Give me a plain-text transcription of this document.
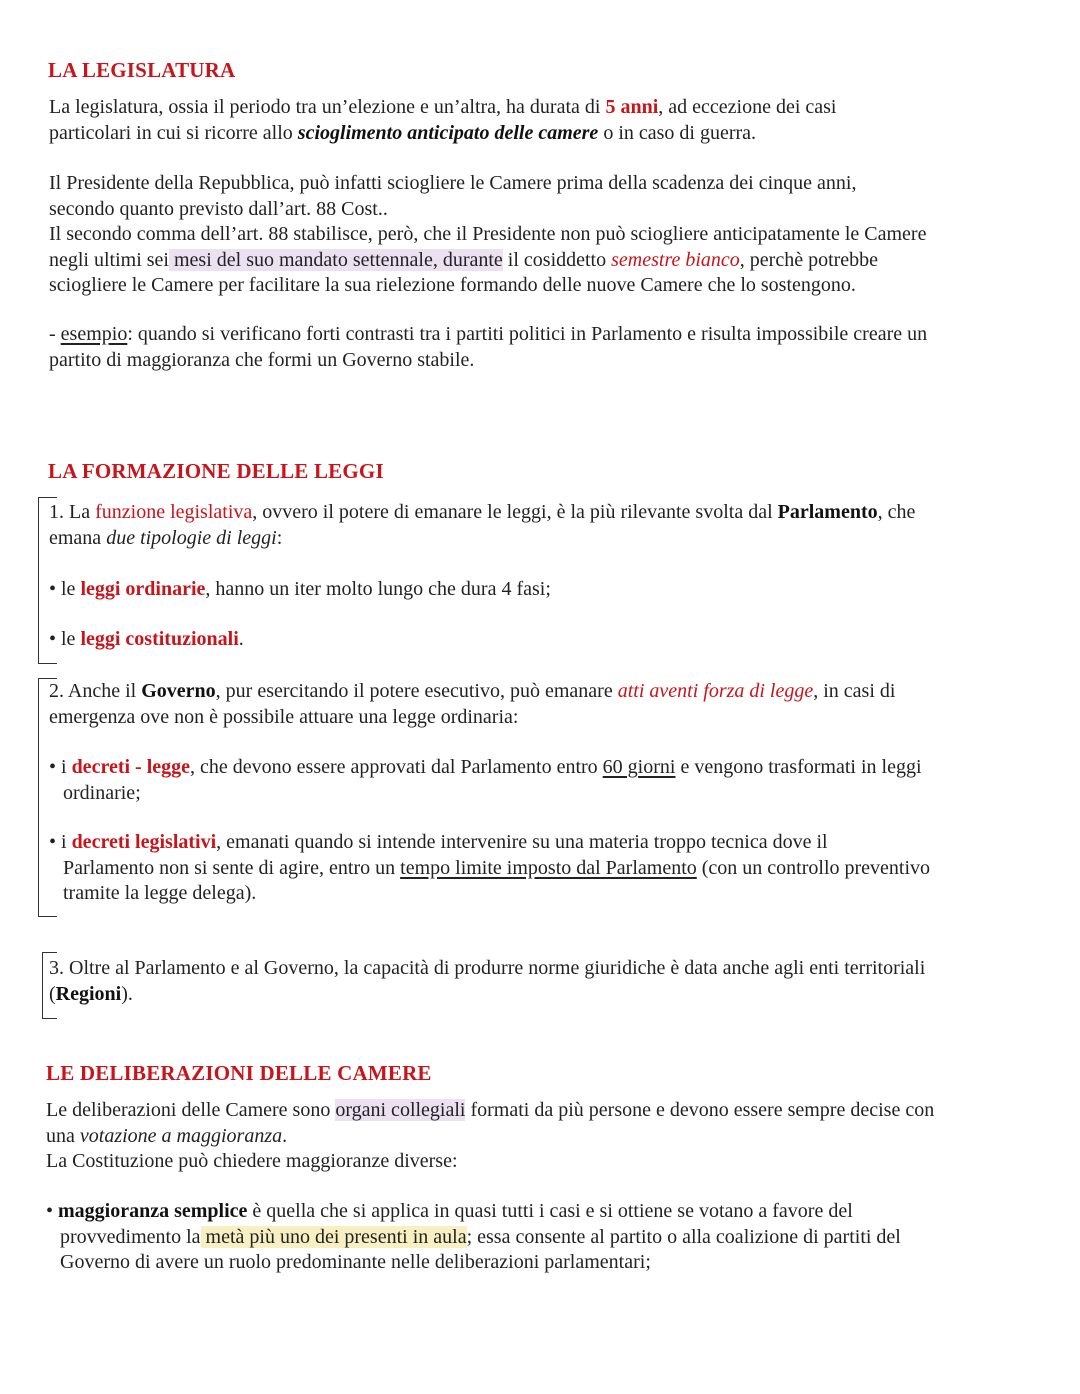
LA LEGISLATURA
La legislatura, ossia il periodo tra un’elezione e un’altra, ha durata di 5 anni, ad eccezione dei casi
particolari in cui si ricorre allo scioglimento anticipato delle camere o in caso di guerra.
Il Presidente della Repubblica, può infatti sciogliere le Camere prima della scadenza dei cinque anni,
secondo quanto previsto dall’art. 88 Cost..
Il secondo comma dell’art. 88 stabilisce, però, che il Presidente non può sciogliere anticipatamente le Camere
negli ultimi sei mesi del suo mandato settennale, durante il cosiddetto semestre bianco, perchè potrebbe
sciogliere le Camere per facilitare la sua rielezione formando delle nuove Camere che lo sostengono.
- esempio: quando si verificano forti contrasti tra i partiti politici in Parlamento e risulta impossibile creare un
partito di maggioranza che formi un Governo stabile.
LA FORMAZIONE DELLE LEGGI
1. La funzione legislativa, ovvero il potere di emanare le leggi, è la più rilevante svolta dal Parlamento, che
emana due tipologie di leggi:
• le leggi ordinarie, hanno un iter molto lungo che dura 4 fasi;
• le leggi costituzionali.
2. Anche il Governo, pur esercitando il potere esecutivo, può emanare atti aventi forza di legge, in casi di
emergenza ove non è possibile attuare una legge ordinaria:
• i decreti - legge, che devono essere approvati dal Parlamento entro 60 giorni e vengono trasformati in leggi
ordinarie;
• i decreti legislativi, emanati quando si intende intervenire su una materia troppo tecnica dove il
Parlamento non si sente di agire, entro un tempo limite imposto dal Parlamento (con un controllo preventivo
tramite la legge delega).
3. Oltre al Parlamento e al Governo, la capacità di produrre norme giuridiche è data anche agli enti territoriali
(Regioni).
LE DELIBERAZIONI DELLE CAMERE
Le deliberazioni delle Camere sono organi collegiali formati da più persone e devono essere sempre decise con
una votazione a maggioranza.
La Costituzione può chiedere maggioranze diverse:
• maggioranza semplice è quella che si applica in quasi tutti i casi e si ottiene se votano a favore del
provvedimento la metà più uno dei presenti in aula; essa consente al partito o alla coalizione di partiti del
Governo di avere un ruolo predominante nelle deliberazioni parlamentari;
